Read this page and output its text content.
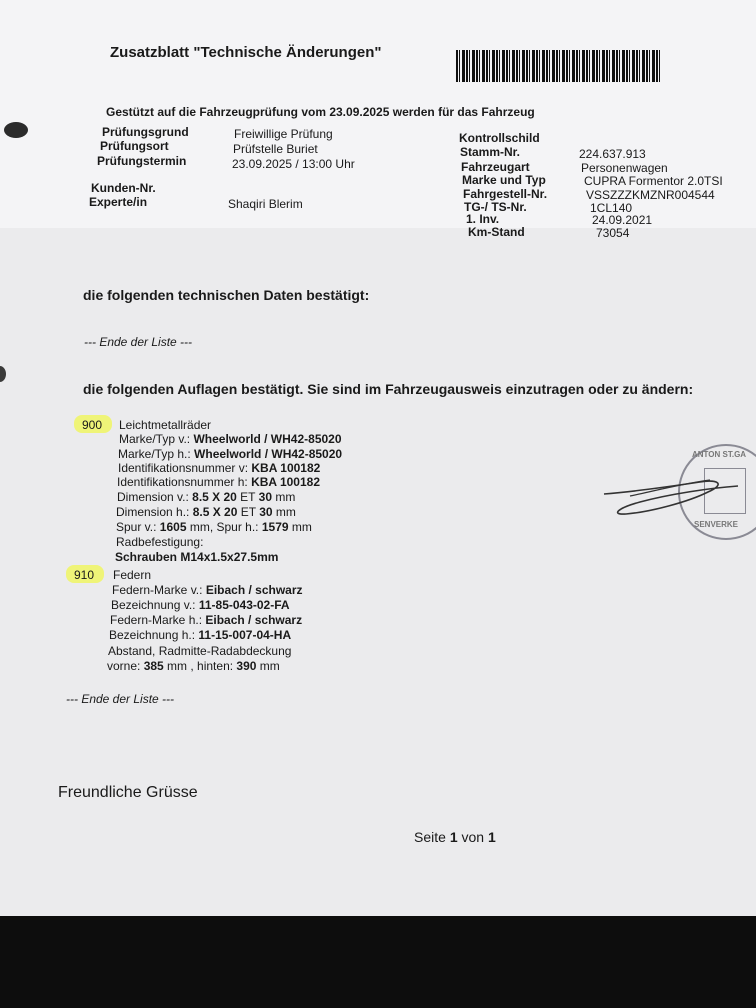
Zusatzblatt "Technische Änderungen"
Gestützt auf die Fahrzeugprüfung vom 23.09.2025 werden für das Fahrzeug
Prüfungsgrund	Freiwillige Prüfung
Prüfungsort	Prüfstelle Buriet
Prüfungstermin	23.09.2025 / 13:00 Uhr
Kunden-Nr.
Experte/in	Shaqiri Blerim
Kontrollschild
Stamm-Nr.	224.637.913
Fahrzeugart	Personenwagen
Marke und Typ	CUPRA Formentor 2.0TSI
Fahrgestell-Nr.	VSSZZZKMZNR004544
TG-/ TS-Nr.	1CL140
1. Inv.	24.09.2021
Km-Stand	73054
die folgenden technischen Daten bestätigt:
--- Ende der Liste ---
die folgenden Auflagen bestätigt. Sie sind im Fahrzeugausweis einzutragen oder zu ändern:
900 Leichtmetallräder
Marke/Typ v.: Wheelworld / WH42-85020
Marke/Typ h.: Wheelworld / WH42-85020
Identifikationsnummer v: KBA 100182
Identifikationsnummer h: KBA 100182
Dimension v.: 8.5 X 20 ET 30 mm
Dimension h.: 8.5 X 20 ET 30 mm
Spur v.: 1605 mm, Spur h.: 1579 mm
Radbefestigung:
Schrauben M14x1.5x27.5mm
910 Federn
Federn-Marke v.: Eibach / schwarz
Bezeichnung v.: 11-85-043-02-FA
Federn-Marke h.: Eibach / schwarz
Bezeichnung h.: 11-15-007-04-HA
Abstand, Radmitte-Radabdeckung
vorne: 385 mm , hinten: 390 mm
--- Ende der Liste ---
ANTON ST.GA
SENVERKE
Freundliche Grüsse
Seite 1 von 1
